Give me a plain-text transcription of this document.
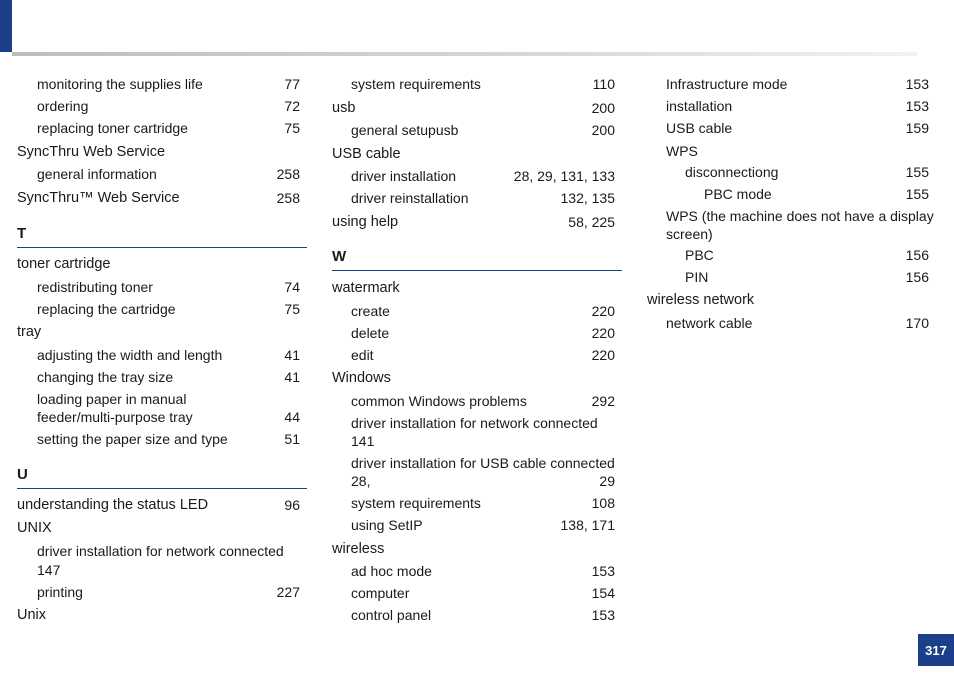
monitoring the supplies life	77
ordering	72
replacing toner cartridge	75
SyncThru Web Service
general information	258
SyncThru™ Web Service	258
T
toner cartridge
redistributing toner	74
replacing the cartridge	75
tray
adjusting the width and length	41
changing the tray size	41
loading paper in manual
feeder/multi-purpose tray	44
setting the paper size and type	51
U
understanding the status LED	96
UNIX
driver installation for network connected
147
printing	227
Unix
system requirements	110
usb	200
general setupusb	200
USB cable
driver installation	28, 29, 131, 133
driver reinstallation	132, 135
using help	58, 225
W
watermark
create	220
delete	220
edit	220
Windows
common Windows problems	292
driver installation for network connected
141
driver installation for USB cable connected
28,	29
system requirements	108
using SetIP	138, 171
wireless
ad hoc mode	153
computer	154
control panel	153
Infrastructure mode	153
installation	153
USB cable	159
WPS
disconnectiong	155
PBC mode	155
WPS (the machine does not have a display
screen)
PBC	156
PIN	156
wireless network
network cable	170
317
